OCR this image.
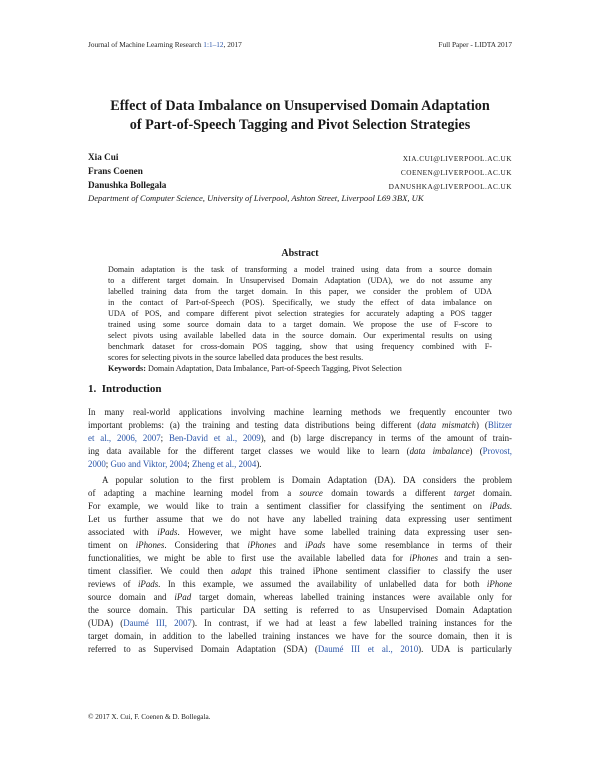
Journal of Machine Learning Research 1:1–12, 2017	Full Paper - LIDTA 2017
Effect of Data Imbalance on Unsupervised Domain Adaptation
of Part-of-Speech Tagging and Pivot Selection Strategies
Xia Cui	XIA.CUI@LIVERPOOL.AC.UK
Frans Coenen	COENEN@LIVERPOOL.AC.UK
Danushka Bollegala	DANUSHKA@LIVERPOOL.AC.UK
Department of Computer Science, University of Liverpool, Ashton Street, Liverpool L69 3BX, UK
Abstract
Domain adaptation is the task of transforming a model trained using data from a source domain
to a different target domain. In Unsupervised Domain Adaptation (UDA), we do not assume any
labelled training data from the target domain. In this paper, we consider the problem of UDA
in the contact of Part-of-Speech (POS). Specifically, we study the effect of data imbalance on
UDA of POS, and compare different pivot selection strategies for accurately adapting a POS tagger
trained using some source domain data to a target domain. We propose the use of F-score to
select pivots using available labelled data in the source domain. Our experimental results on using
benchmark dataset for cross-domain POS tagging, show that using frequency combined with F-
scores for selecting pivots in the source labelled data produces the best results.
Keywords: Domain Adaptation, Data Imbalance, Part-of-Speech Tagging, Pivot Selection
1. Introduction
In many real-world applications involving machine learning methods we frequently encounter two
important problems: (a) the training and testing data distributions being different (data mismatch) (Blitzer
et al., 2006, 2007; Ben-David et al., 2009), and (b) large discrepancy in terms of the amount of train-
ing data available for the different target classes we would like to learn (data imbalance) (Provost,
2000; Guo and Viktor, 2004; Zheng et al., 2004).
A popular solution to the first problem is Domain Adaptation (DA). DA considers the problem
of adapting a machine learning model from a source domain towards a different target domain.
For example, we would like to train a sentiment classifier for classifying the sentiment on iPads.
Let us further assume that we do not have any labelled training data expressing user sentiment
associated with iPads. However, we might have some labelled training data expressing user sen-
timent on iPhones. Considering that iPhones and iPads have some resemblance in terms of their
functionalities, we might be able to first use the available labelled data for iPhones and train a sen-
timent classifier. We could then adapt this trained iPhone sentiment classifier to classify the user
reviews of iPads. In this example, we assumed the availability of unlabelled data for both iPhone
source domain and iPad target domain, whereas labelled training instances were available only for
the source domain. This particular DA setting is referred to as Unsupervised Domain Adaptation
(UDA) (Daumé III, 2007). In contrast, if we had at least a few labelled training instances for the
target domain, in addition to the labelled training instances we have for the source domain, then it is
referred to as Supervised Domain Adaptation (SDA) (Daumé III et al., 2010). UDA is particularly
© 2017 X. Cui, F. Coenen & D. Bollegala.
